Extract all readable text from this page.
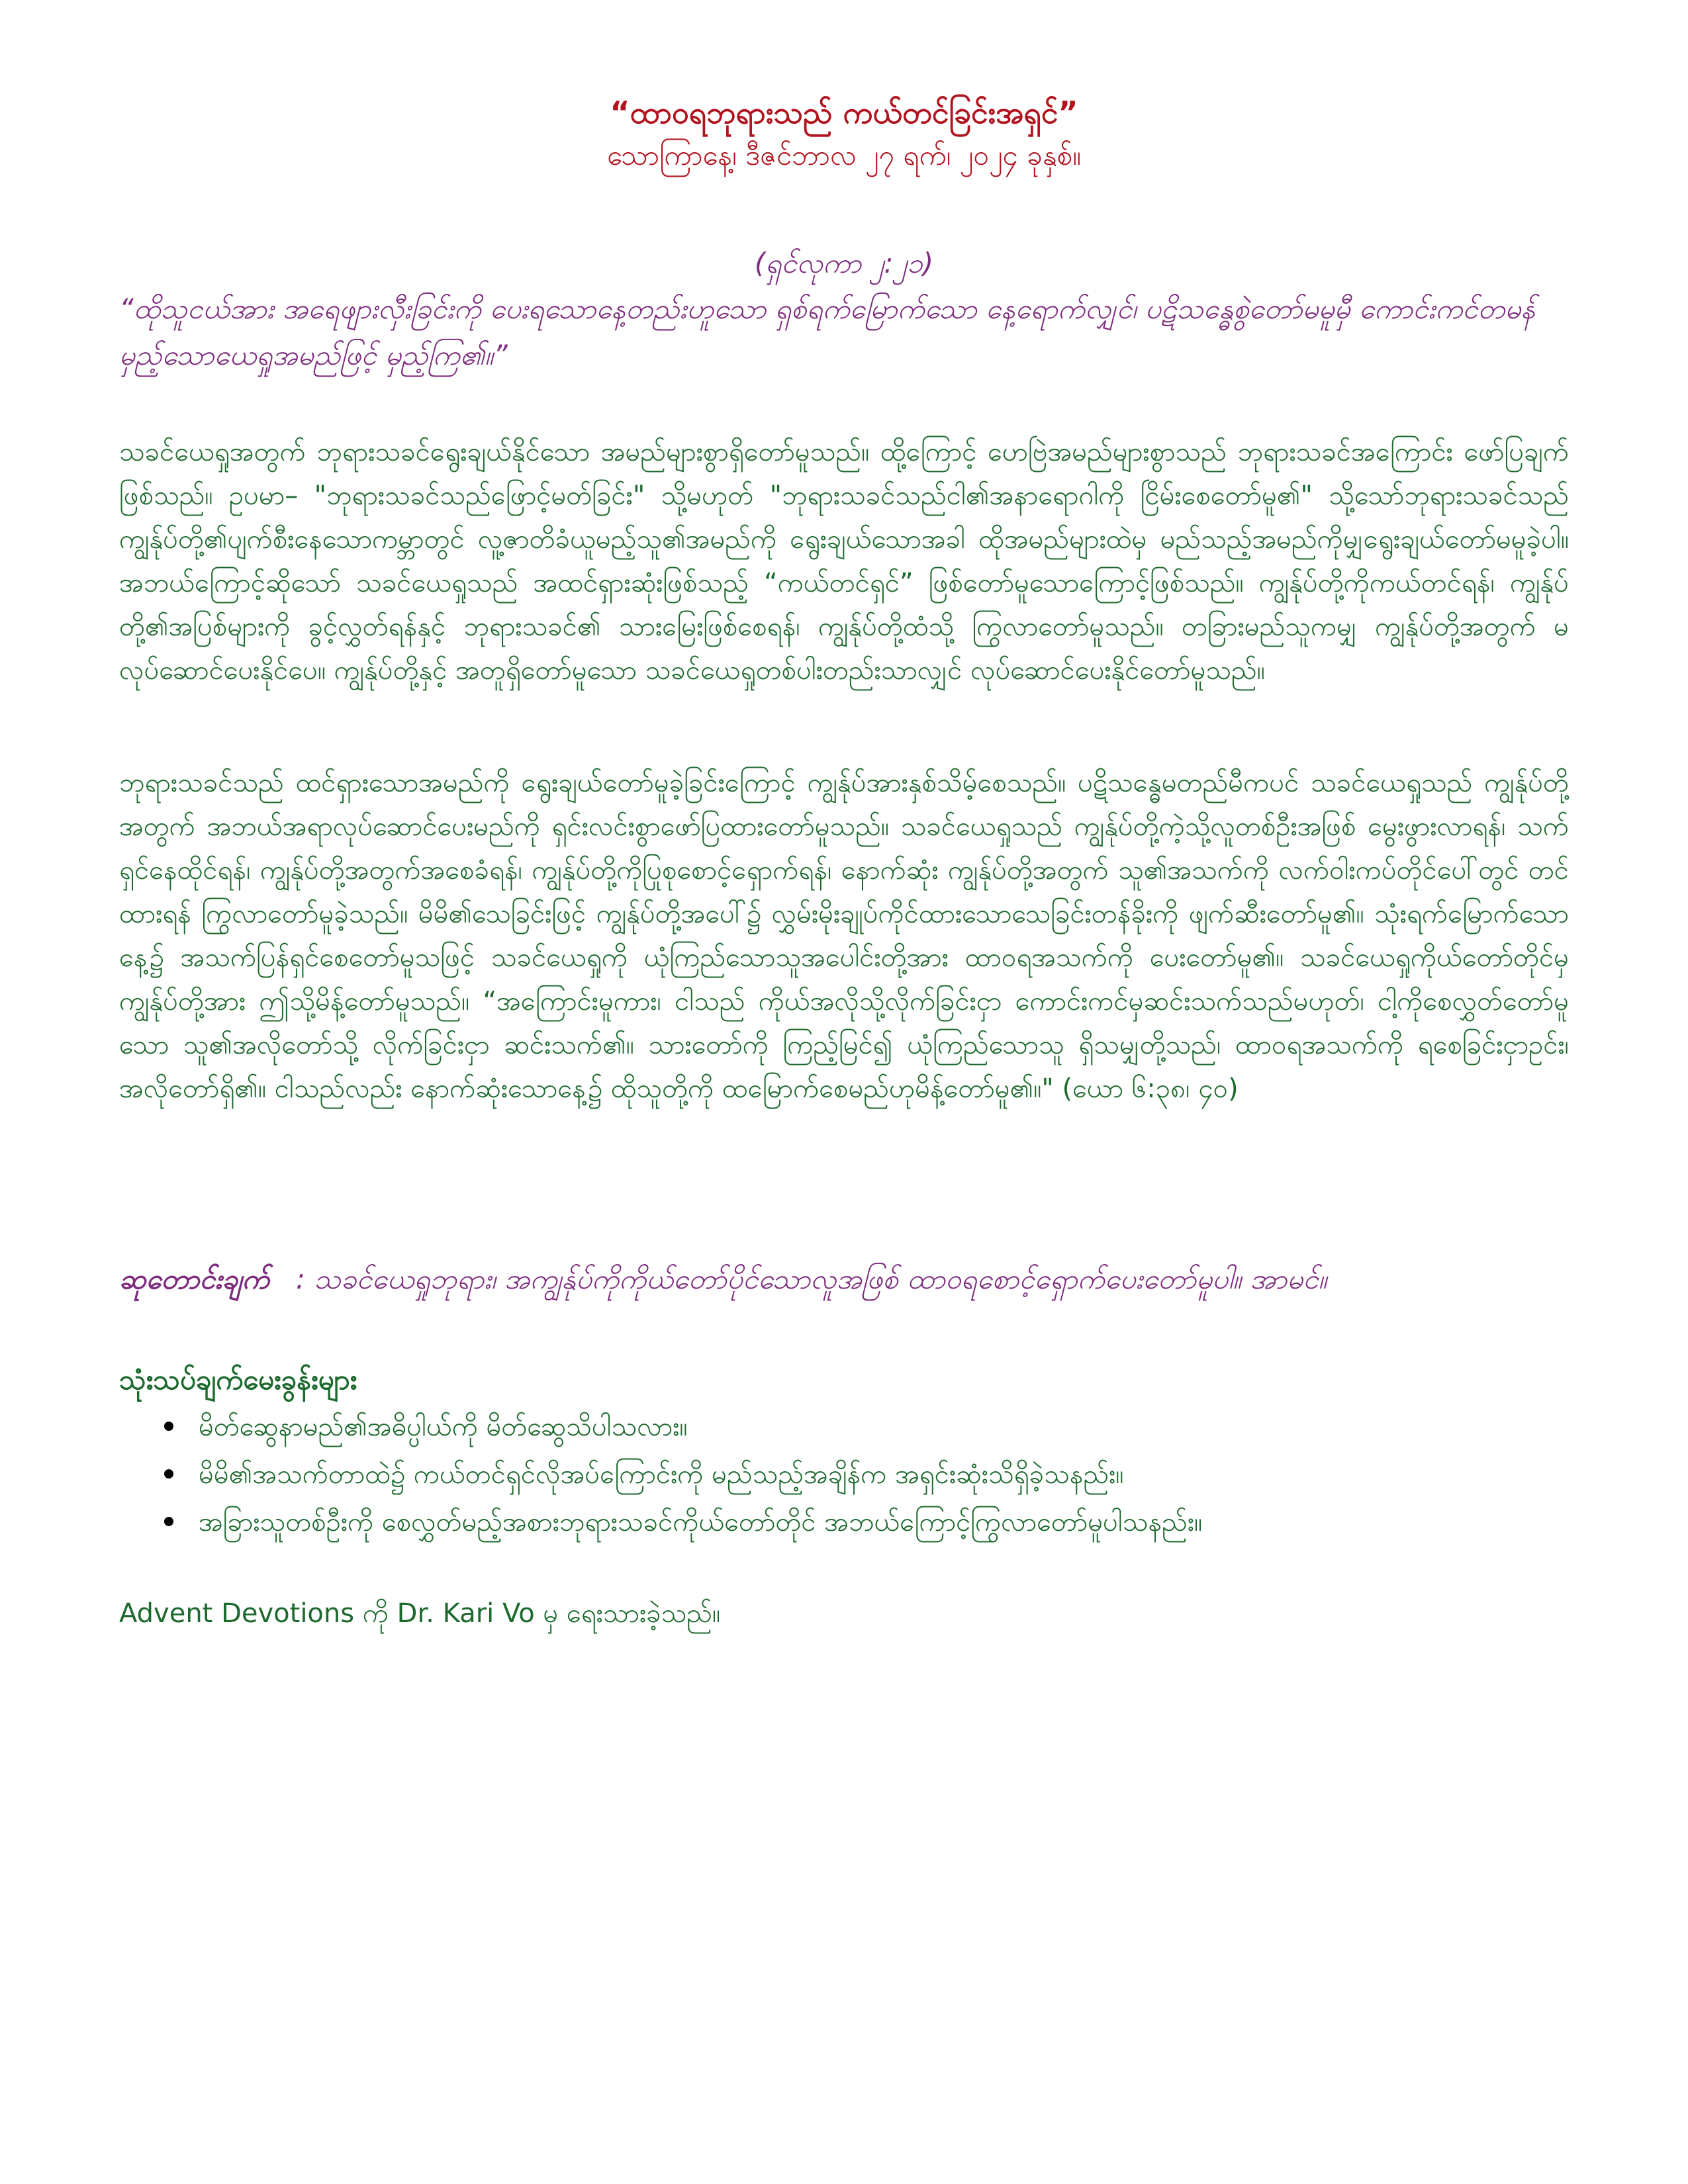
“ထာဝရဘုရားသည် ကယ်တင်ခြင်းအရှင်”
သောကြာနေ့၊ ဒီဇင်ဘာလ ၂၇ ရက်၊ ၂၀၂၄ ခုနှစ်။
(ရှင်လုကာ ၂:၂၁)
“ထိုသူငယ်အား အရေဖျားလှီးခြင်းကို ပေးရသောနေ့တည်းဟူသော ရှစ်ရက်မြောက်သော နေ့ရောက်လျှင်၊ ပဋိသန္ဓေစွဲတော်မမူမှီ ကောင်းကင်တမန် မှည့်သောယေရှုအမည်ဖြင့် မှည့်ကြ၏။”
သခင်ယေရှုအတွက် ဘုရားသခင်ရွေးချယ်နိုင်သော အမည်များစွာရှိတော်မူသည်။ ထို့ကြောင့် ဟေဗြဲအမည်များစွာသည် ဘုရားသခင်အကြောင်း ဖော်ပြချက်ဖြစ်သည်။ ဥပမာ– "ဘုရားသခင်သည်ဖြောင့်မတ်ခြင်း" သို့မဟုတ် "ဘုရားသခင်သည်ငါ၏အနာရောဂါကို ငြိမ်းစေတော်မူ၏" သို့သော်ဘုရားသခင်သည် ကျွန်ုပ်တို့၏ပျက်စီးနေသောကမ္ဘာတွင် လူ့ဇာတိခံယူမည့်သူ၏အမည်ကို ရွေးချယ်သောအခါ ထိုအမည်များထဲမှ မည်သည့်အမည်ကိုမျှရွေးချယ်တော်မမူခဲ့ပါ။ အဘယ်ကြောင့်ဆိုသော် သခင်ယေရှုသည် အထင်ရှားဆုံးဖြစ်သည့် “ကယ်တင်ရှင်” ဖြစ်တော်မူသောကြောင့်ဖြစ်သည်။ ကျွန်ုပ်တို့ကိုကယ်တင်ရန်၊ ကျွန်ုပ်တို့၏အပြစ်များကို ခွင့်လွှတ်ရန်နှင့် ဘုရားသခင်၏ သားမြေးဖြစ်စေရန်၊ ကျွန်ုပ်တို့ထံသို့ ကြွလာတော်မူသည်။ တခြားမည်သူကမျှ ကျွန်ုပ်တို့အတွက် မလုပ်ဆောင်ပေးနိုင်ပေ။ ကျွန်ုပ်တို့နှင့် အတူရှိတော်မူသော သခင်ယေရှုတစ်ပါးတည်းသာလျှင် လုပ်ဆောင်ပေးနိုင်တော်မူသည်။
ဘုရားသခင်သည် ထင်ရှားသောအမည်ကို ရွေးချယ်တော်မူခဲ့ခြင်းကြောင့် ကျွန်ုပ်အားနှစ်သိမ့်စေသည်။ ပဋိသန္ဓေမတည်မီကပင် သခင်ယေရှုသည် ကျွန်ုပ်တို့အတွက် အဘယ်အရာလုပ်ဆောင်ပေးမည်ကို ရှင်းလင်းစွာဖော်ပြထားတော်မူသည်။ သခင်ယေရှုသည် ကျွန်ုပ်တို့ကဲ့သို့လူတစ်ဦးအဖြစ် မွေးဖွားလာရန်၊ သက်ရှင်နေထိုင်ရန်၊ ကျွန်ုပ်တို့အတွက်အစေခံရန်၊ ကျွန်ုပ်တို့ကိုပြုစုစောင့်ရှောက်ရန်၊ နောက်ဆုံး ကျွန်ုပ်တို့အတွက် သူ၏အသက်ကို လက်ဝါးကပ်တိုင်ပေါ်တွင် တင်ထားရန် ကြွလာတော်မူခဲ့သည်။ မိမိ၏သေခြင်းဖြင့် ကျွန်ုပ်တို့အပေါ်၌ လွှမ်းမိုးချုပ်ကိုင်ထားသောသေခြင်းတန်ခိုးကို ဖျက်ဆီးတော်မူ၏။ သုံးရက်မြောက်သောနေ့၌ အသက်ပြန်ရှင်စေတော်မူသဖြင့် သခင်ယေရှုကို ယုံကြည်သောသူအပေါင်းတို့အား ထာဝရအသက်ကို ပေးတော်မူ၏။ သခင်ယေရှုကိုယ်တော်တိုင်မှ ကျွန်ုပ်တို့အား ဤသို့မိန့်တော်မူသည်။ “အကြောင်းမူကား၊ ငါသည် ကိုယ်အလိုသို့လိုက်ခြင်းငှာ ကောင်းကင်မှဆင်းသက်သည်မဟုတ်၊ ငါ့ကိုစေလွှတ်တော်မူသော သူ၏အလိုတော်သို့ လိုက်ခြင်းငှာ ဆင်းသက်၏။ သားတော်ကို ကြည့်မြင်၍ ယုံကြည်သောသူ ရှိသမျှတို့သည်၊ ထာဝရအသက်ကို ရစေခြင်းငှာဥင်း၊ အလိုတော်ရှိ၏။ ငါသည်လည်း နောက်ဆုံးသောနေ့၌ ထိုသူတို့ကို ထမြောက်စေမည်ဟုမိန့်တော်မူ၏။" (ယော ၆:၃၈၊ ၄၀)
ဆုတောင်းချက် : သခင်ယေရှုဘုရား၊ အကျွန်ုပ်ကိုကိုယ်တော်ပိုင်သောလူအဖြစ် ထာဝရစောင့်ရှောက်ပေးတော်မူပါ။ အာမင်။
သုံးသပ်ချက်မေးခွန်းများ
မိတ်ဆွေနာမည်၏အဓိပ္ပါယ်ကို မိတ်ဆွေသိပါသလား။
မိမိ၏အသက်တာထဲ၌ ကယ်တင်ရှင်လိုအပ်ကြောင်းကို မည်သည့်အချိန်က အရှင်းဆုံးသိရှိခဲ့သနည်း။
အခြားသူတစ်ဦးကို စေလွှတ်မည့်အစားဘုရားသခင်ကိုယ်တော်တိုင် အဘယ်ကြောင့်ကြွလာတော်မူပါသနည်း။
Advent Devotions ကို Dr. Kari Vo မှ ရေးသားခဲ့သည်။
